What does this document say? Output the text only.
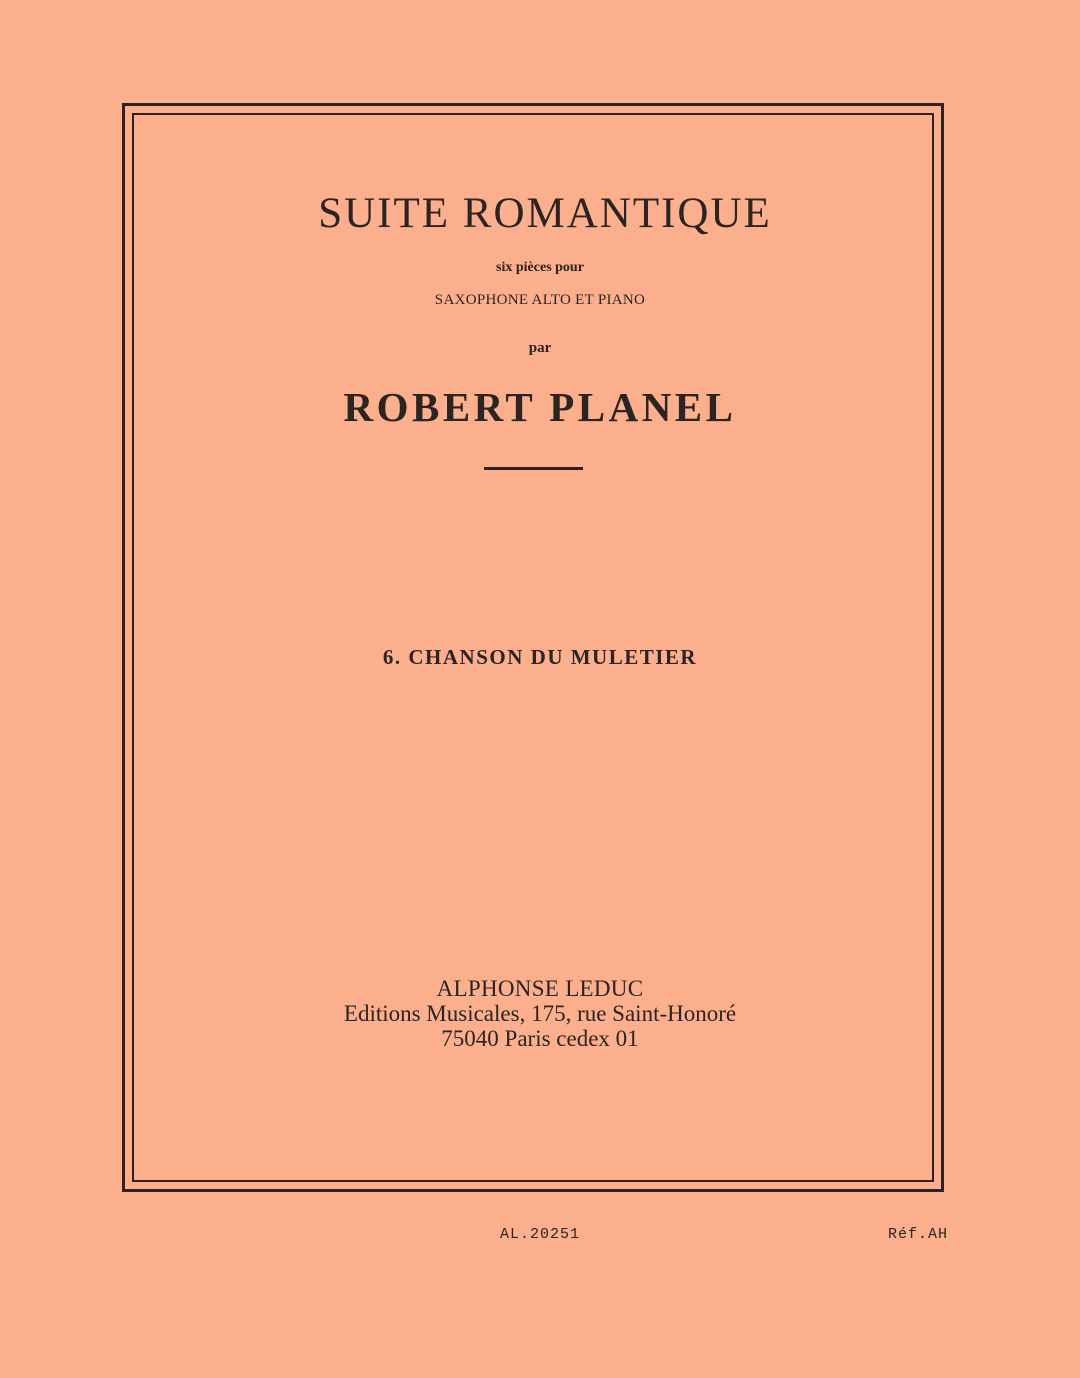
SUITE ROMANTIQUE
six pièces pour
SAXOPHONE ALTO ET PIANO
par
ROBERT PLANEL
6. CHANSON DU MULETIER
ALPHONSE LEDUC
Editions Musicales, 175, rue Saint-Honoré
75040 Paris cedex 01
AL.20251	Réf.AH
